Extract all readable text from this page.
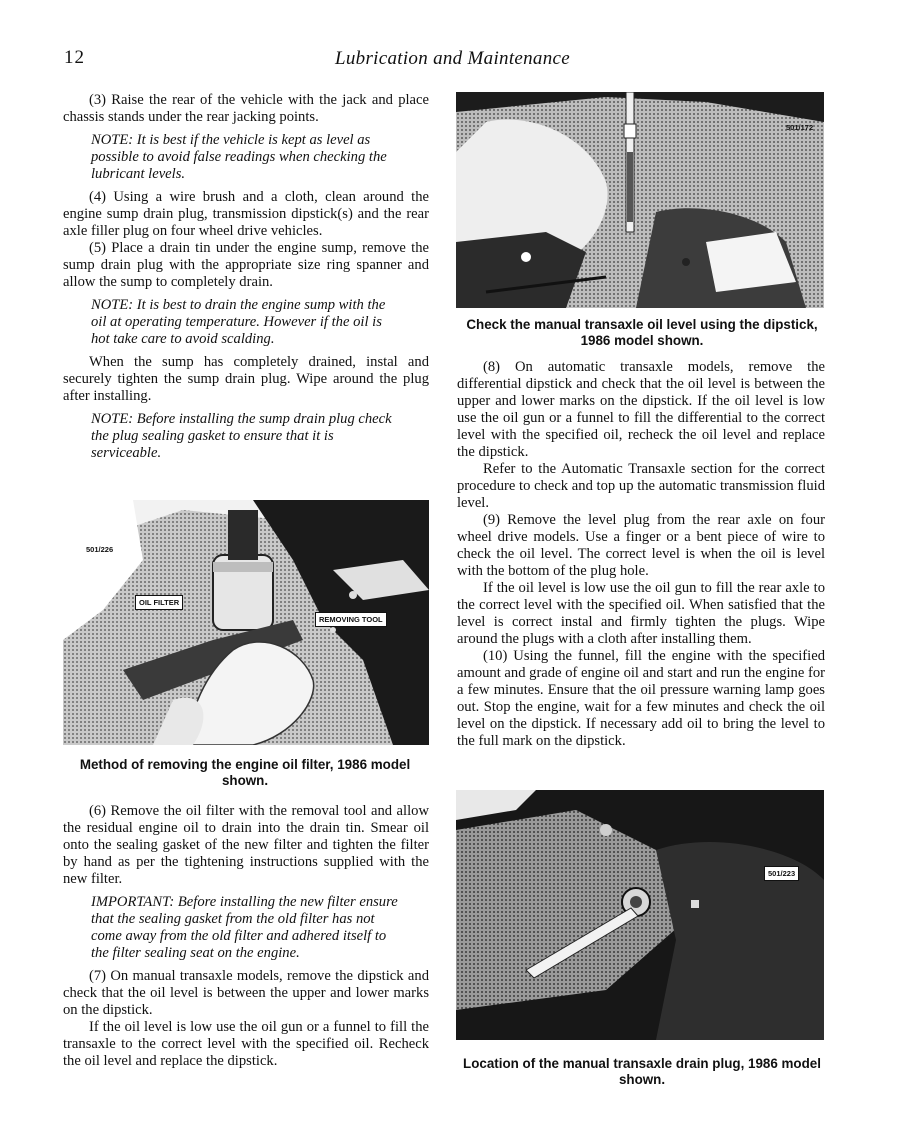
12	Lubrication and Maintenance

(3) Raise the rear of the vehicle with the jack and place chassis stands under the rear jacking points.

NOTE: It is best if the vehicle is kept as level as possible to avoid false readings when checking the lubricant levels.

(4) Using a wire brush and a cloth, clean around the engine sump drain plug, transmission dipstick(s) and the rear axle filler plug on four wheel drive vehicles.

(5) Place a drain tin under the engine sump, remove the sump drain plug with the appropriate size ring spanner and allow the sump to completely drain.

NOTE: It is best to drain the engine sump with the oil at operating temperature. However if the oil is hot take care to avoid scalding.

When the sump has completely drained, instal and securely tighten the sump drain plug. Wipe around the plug after installing.

NOTE: Before installing the sump drain plug check the plug sealing gasket to ensure that it is serviceable.

501/226
OIL FILTER
REMOVING TOOL
Method of removing the engine oil filter, 1986 model shown.

(6) Remove the oil filter with the removal tool and allow the residual engine oil to drain into the drain tin. Smear oil onto the sealing gasket of the new filter and tighten the filter by hand as per the tightening instructions supplied with the new filter.

IMPORTANT: Before installing the new filter ensure that the sealing gasket from the old filter has not come away from the old filter and adhered itself to the filter sealing seat on the engine.

(7) On manual transaxle models, remove the dipstick and check that the oil level is between the upper and lower marks on the dipstick.

If the oil level is low use the oil gun or a funnel to fill the transaxle to the correct level with the specified oil. Recheck the oil level and replace the dipstick.

501/172
Check the manual transaxle oil level using the dipstick, 1986 model shown.

(8) On automatic transaxle models, remove the differential dipstick and check that the oil level is between the upper and lower marks on the dipstick. If the oil level is low use the oil gun or a funnel to fill the differential to the correct level with the specified oil, recheck the oil level and replace the dipstick.

Refer to the Automatic Transaxle section for the correct procedure to check and top up the automatic transmission fluid level.

(9) Remove the level plug from the rear axle on four wheel drive models. Use a finger or a bent piece of wire to check the oil level. The correct level is when the oil is level with the bottom of the plug hole.

If the oil level is low use the oil gun to fill the rear axle to the correct level with the specified oil. When satisfied that the level is correct instal and firmly tighten the plugs. Wipe around the plugs with a cloth after installing them.

(10) Using the funnel, fill the engine with the specified amount and grade of engine oil and start and run the engine for a few minutes. Ensure that the oil pressure warning lamp goes out. Stop the engine, wait for a few minutes and check the oil level on the dipstick. If necessary add oil to bring the level to the full mark on the dipstick.

501/223
Location of the manual transaxle drain plug, 1986 model shown.
